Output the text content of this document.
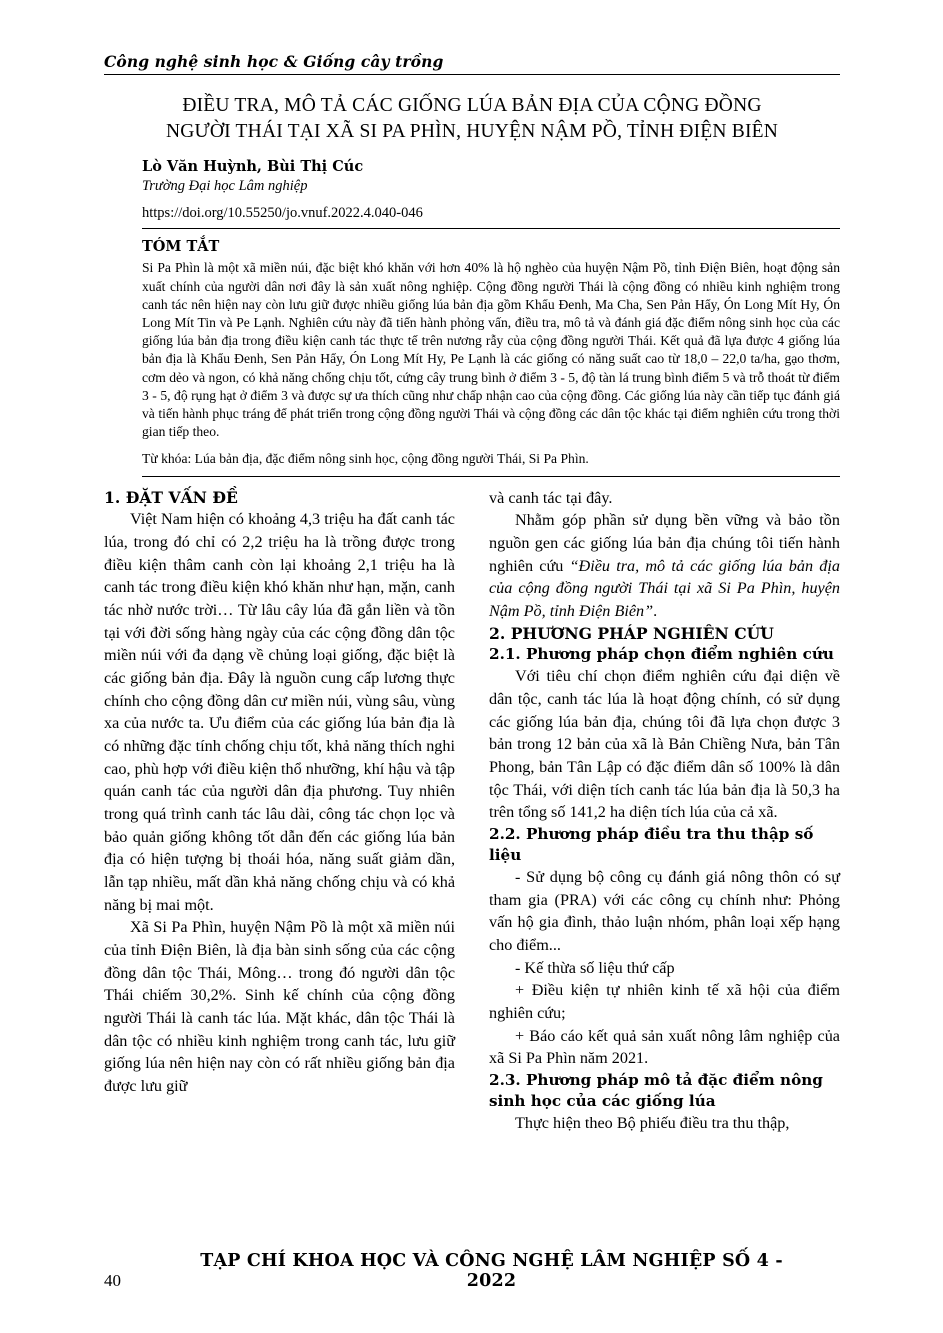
Công nghệ sinh học & Giống cây trồng
ĐIỀU TRA, MÔ TẢ CÁC GIỐNG LÚA BẢN ĐỊA CỦA CỘNG ĐỒNG
NGƯỜI THÁI TẠI XÃ SI PA PHÌN, HUYỆN NẬM PỒ, TỈNH ĐIỆN BIÊN
Lò Văn Huỳnh, Bùi Thị Cúc
Trường Đại học Lâm nghiệp
https://doi.org/10.55250/jo.vnuf.2022.4.040-046
TÓM TẮT
Si Pa Phìn là một xã miền núi, đặc biệt khó khăn với hơn 40% là hộ nghèo của huyện Nậm Pồ, tỉnh Điện Biên, hoạt động sản xuất chính của người dân nơi đây là sản xuất nông nghiệp. Cộng đồng người Thái là cộng đồng có nhiều kinh nghiệm trong canh tác nên hiện nay còn lưu giữ được nhiều giống lúa bản địa gồm Khẩu Đenh, Ma Cha, Sen Pản Hẩy, Ón Long Mít Hy, Ón Long Mít Tin và Pe Lạnh. Nghiên cứu này đã tiến hành phỏng vấn, điều tra, mô tả và đánh giá đặc điểm nông sinh học của các giống lúa bản địa trong điều kiện canh tác thực tế trên nương rẫy của cộng đồng người Thái. Kết quả đã lựa được 4 giống lúa bản địa là Khẩu Đenh, Sen Pản Hẩy, Ón Long Mít Hy, Pe Lạnh là các giống có năng suất cao từ 18,0 – 22,0 ta/ha, gạo thơm, cơm dẻo và ngon, có khả năng chống chịu tốt, cứng cây trung bình ở điểm 3 - 5, độ tàn lá trung bình điểm 5 và trỗ thoát từ điểm 3 - 5, độ rụng hạt ở điểm 3 và được sự ưa thích cũng như chấp nhận cao của cộng đồng. Các giống lúa này cần tiếp tục đánh giá và tiến hành phục tráng để phát triển trong cộng đồng người Thái và cộng đồng các dân tộc khác tại điểm nghiên cứu trong thời gian tiếp theo.
Từ khóa: Lúa bản địa, đặc điểm nông sinh học, cộng đồng người Thái, Si Pa Phìn.
1. ĐẶT VẤN ĐỀ

Việt Nam hiện có khoảng 4,3 triệu ha đất canh tác lúa, trong đó chỉ có 2,2 triệu ha là trồng được trong điều kiện thâm canh còn lại khoảng 2,1 triệu ha là canh tác trong điều kiện khó khăn như hạn, mặn, canh tác nhờ nước trời… Từ lâu cây lúa đã gắn liền và tồn tại với đời sống hàng ngày của các cộng đồng dân tộc miền núi với đa dạng về chủng loại giống, đặc biệt là các giống bản địa. Đây là nguồn cung cấp lương thực chính cho cộng đồng dân cư miền núi, vùng sâu, vùng xa của nước ta. Ưu điểm của các giống lúa bản địa là có những đặc tính chống chịu tốt, khả năng thích nghi cao, phù hợp với điều kiện thổ nhưỡng, khí hậu và tập quán canh tác của người dân địa phương. Tuy nhiên trong quá trình canh tác lâu dài, công tác chọn lọc và bảo quản giống không tốt dẫn đến các giống lúa bản địa có hiện tượng bị thoái hóa, năng suất giảm dần, lẫn tạp nhiều, mất dần khả năng chống chịu và có khả năng bị mai một.

Xã Si Pa Phìn, huyện Nậm Pồ là một xã miền núi của tỉnh Điện Biên, là địa bàn sinh sống của các cộng đồng dân tộc Thái, Mông… trong đó người dân tộc Thái chiếm 30,2%. Sinh kế chính của cộng đồng người Thái là canh tác lúa. Mặt khác, dân tộc Thái là dân tộc có nhiều kinh nghiệm trong canh tác, lưu giữ giống lúa nên hiện nay còn có rất nhiều giống bản địa được lưu giữ

và canh tác tại đây.

Nhằm góp phần sử dụng bền vững và bảo tồn nguồn gen các giống lúa bản địa chúng tôi tiến hành nghiên cứu “Điều tra, mô tả các giống lúa bản địa của cộng đồng người Thái tại xã Si Pa Phìn, huyện Nậm Pồ, tỉnh Điện Biên”.

2. PHƯƠNG PHÁP NGHIÊN CỨU
2.1. Phương pháp chọn điểm nghiên cứu

Với tiêu chí chọn điểm nghiên cứu đại diện về dân tộc, canh tác lúa là hoạt động chính, có sử dụng các giống lúa bản địa, chúng tôi đã lựa chọn được 3 bản trong 12 bản của xã là Bản Chiềng Nưa, bản Tân Phong, bản Tân Lập có đặc điểm dân số 100% là dân tộc Thái, với diện tích canh tác lúa bản địa là 50,3 ha trên tổng số 141,2 ha diện tích lúa của cả xã.

2.2. Phương pháp điều tra thu thập số liệu

- Sử dụng bộ công cụ đánh giá nông thôn có sự tham gia (PRA) với các công cụ chính như: Phỏng vấn hộ gia đình, thảo luận nhóm, phân loại xếp hạng cho điểm...

- Kế thừa số liệu thứ cấp

+ Điều kiện tự nhiên kinh tế xã hội của điểm nghiên cứu;

+ Báo cáo kết quả sản xuất nông lâm nghiệp của xã Si Pa Phìn năm 2021.

2.3. Phương pháp mô tả đặc điểm nông sinh học của các giống lúa

Thực hiện theo Bộ phiếu điều tra thu thập,

40
TẠP CHÍ KHOA HỌC VÀ CÔNG NGHỆ LÂM NGHIỆP SỐ 4 - 2022
